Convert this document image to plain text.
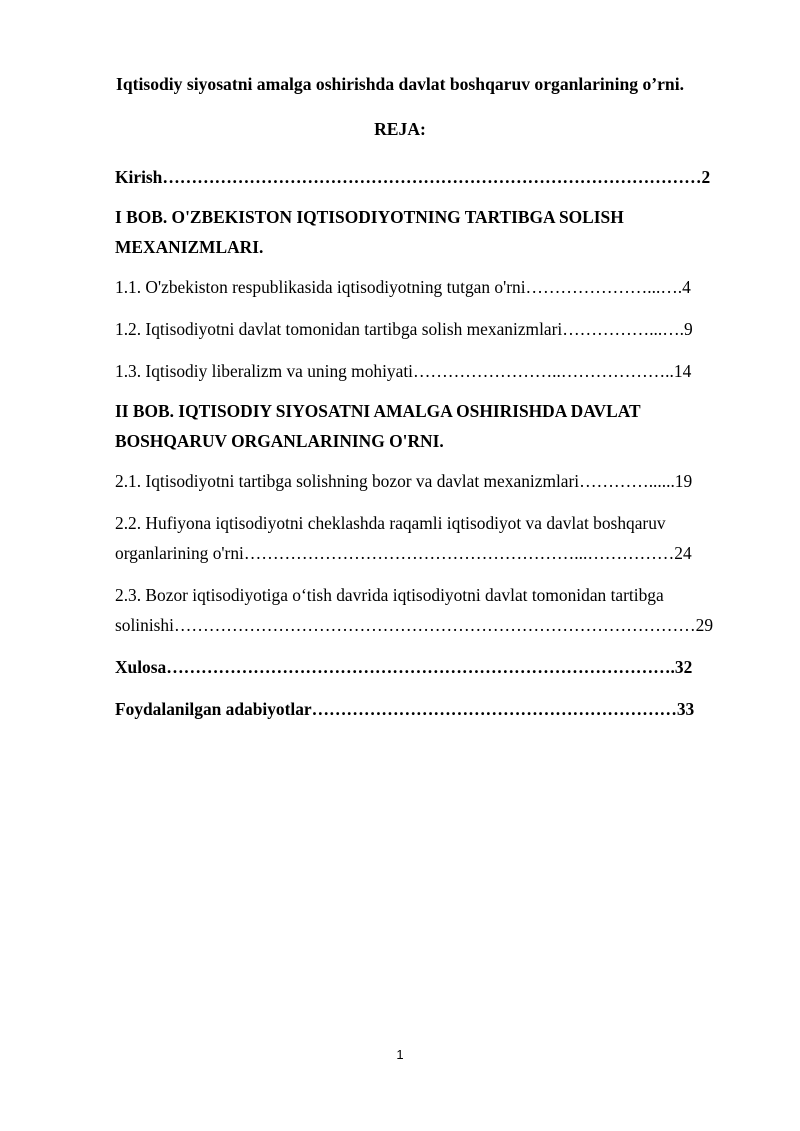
Iqtisodiy siyosatni amalga oshirishda davlat boshqaruv organlarining o’rni.
REJA:
Kirish…………………………………………………………………………………2
I BOB. O'ZBEKISTON IQTISODIYOTNING TARTIBGA SOLISH MEXANIZMLARI.
1.1. O'zbekiston respublikasida iqtisodiyotning tutgan o'rni…………………...….4
1.2. Iqtisodiyotni davlat tomonidan tartibga solish mexanizmlari……………...….9
1.3. Iqtisodiy liberalizm va uning mohiyati……………………..………………..14
II BOB. IQTISODIY SIYOSATNI AMALGA OSHIRISHDA DAVLAT BOSHQARUV ORGANLARINING O'RNI.
2.1. Iqtisodiyotni tartibga solishning bozor va davlat mexanizmlari…………......19
2.2. Hufiyona iqtisodiyotni cheklashda raqamli iqtisodiyot va davlat boshqaruv organlarining o'rni…………………………………………………...……………24
2.3. Bozor iqtisodiyotiga o‘tish davrida iqtisodiyotni davlat tomonidan tartibga solinishi………………………………………………………………………………29
Xulosa…………………………………………………………………………….32
Foydalanilgan adabiyotlar………………………………………………………33
1
